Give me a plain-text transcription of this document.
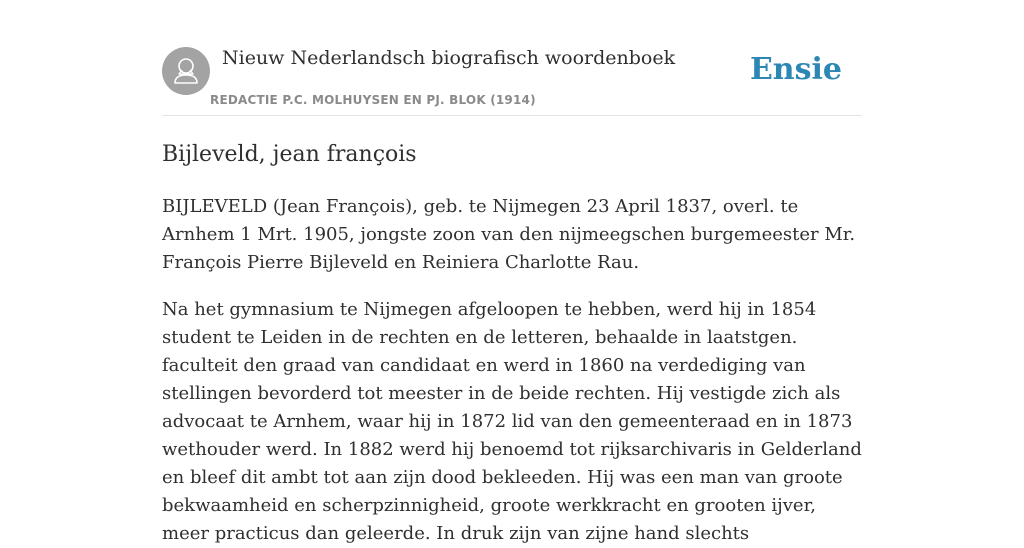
Nieuw Nederlandsch biografisch woordenboek
REDACTIE P.C. MOLHUYSEN EN PJ. BLOK (1914)
Ensie
Bijleveld, jean françois

BIJLEVELD (Jean François), geb. te Nijmegen 23 April 1837, overl. te Arnhem 1 Mrt. 1905, jongste zoon van den nijmeegschen burgemeester Mr. François Pierre Bijleveld en Reiniera Charlotte Rau.

Na het gymnasium te Nijmegen afgeloopen te hebben, werd hij in 1854 student te Leiden in de rechten en de letteren, behaalde in laatstgen. faculteit den graad van candidaat en werd in 1860 na verdediging van stellingen bevorderd tot meester in de beide rechten. Hij vestigde zich als advocaat te Arnhem, waar hij in 1872 lid van den gemeenteraad en in 1873 wethouder werd. In 1882 werd hij benoemd tot rijksarchivaris in Gelderland en bleef dit ambt tot aan zijn dood bekleeden. Hij was een man van groote bekwaamheid en scherpzinnigheid, groote werkkracht en grooten ijver, meer practicus dan geleerde. In druk zijn van zijne hand slechts
